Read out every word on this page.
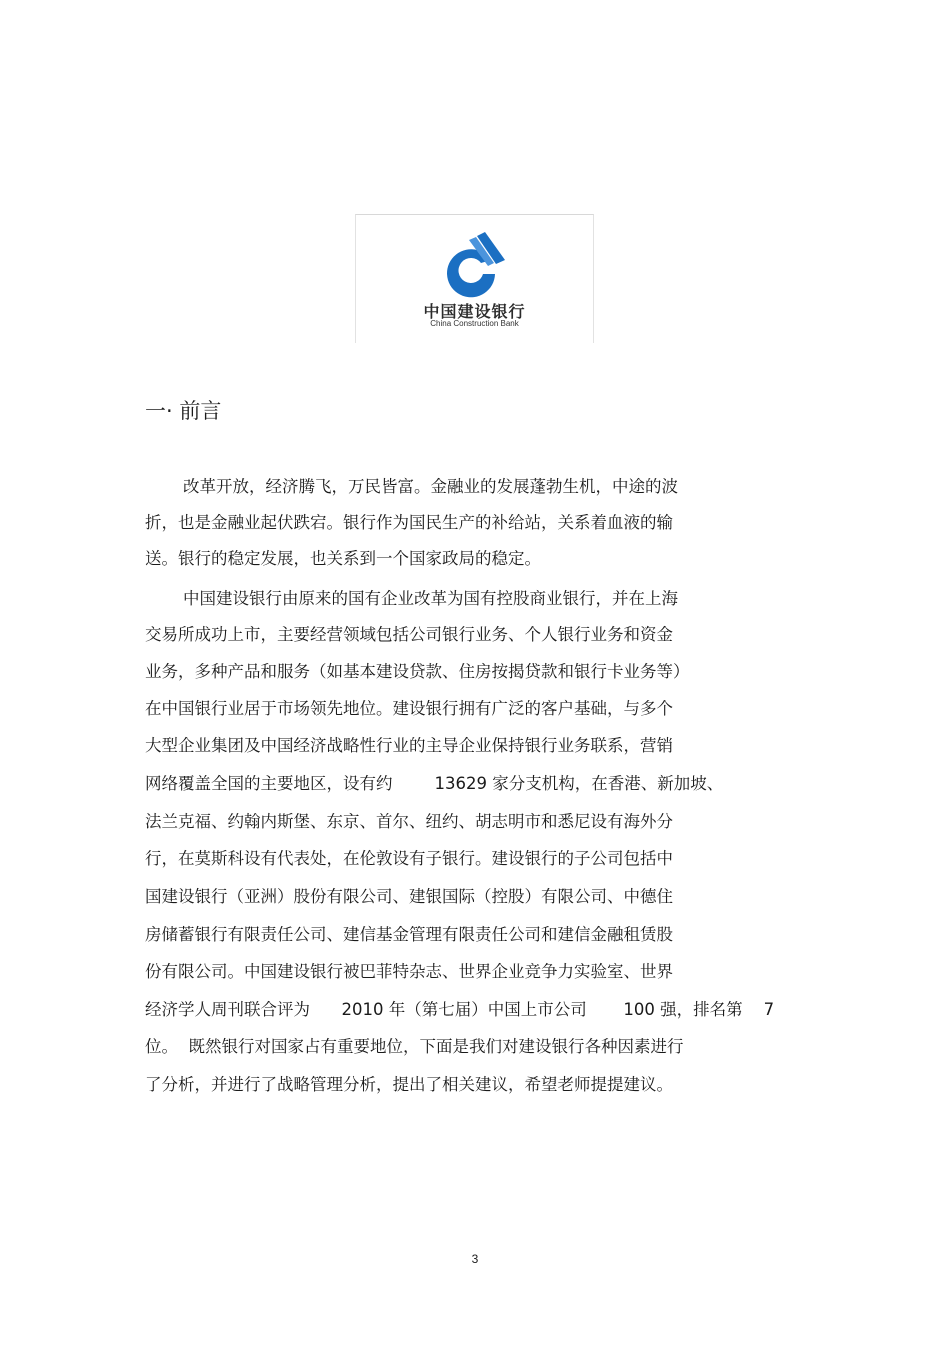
中国建设银行
China Construction Bank
一· 前言
改革开放，经济腾飞，万民皆富。金融业的发展蓬勃生机，中途的波
折，也是金融业起伏跌宕。银行作为国民生产的补给站，关系着血液的输
送。银行的稳定发展，也关系到一个国家政局的稳定。
中国建设银行由原来的国有企业改革为国有控股商业银行，并在上海
交易所成功上市，主要经营领域包括公司银行业务、个人银行业务和资金
业务，多种产品和服务（如基本建设贷款、住房按揭贷款和银行卡业务等）
在中国银行业居于市场领先地位。建设银行拥有广泛的客户基础，与多个
大型企业集团及中国经济战略性行业的主导企业保持银行业务联系，营销
网络覆盖全国的主要地区，设有约        13629 家分支机构，在香港、新加坡、
法兰克福、约翰内斯堡、东京、首尔、纽约、胡志明市和悉尼设有海外分
行，在莫斯科设有代表处，在伦敦设有子银行。建设银行的子公司包括中
国建设银行（亚洲）股份有限公司、建银国际（控股）有限公司、中德住
房储蓄银行有限责任公司、建信基金管理有限责任公司和建信金融租赁股
份有限公司。中国建设银行被巴菲特杂志、世界企业竞争力实验室、世界
经济学人周刊联合评为      2010 年（第七届）中国上市公司       100 强，排名第    7
位。  既然银行对国家占有重要地位，下面是我们对建设银行各种因素进行
了分析，并进行了战略管理分析，提出了相关建议，希望老师提提建议。
3
